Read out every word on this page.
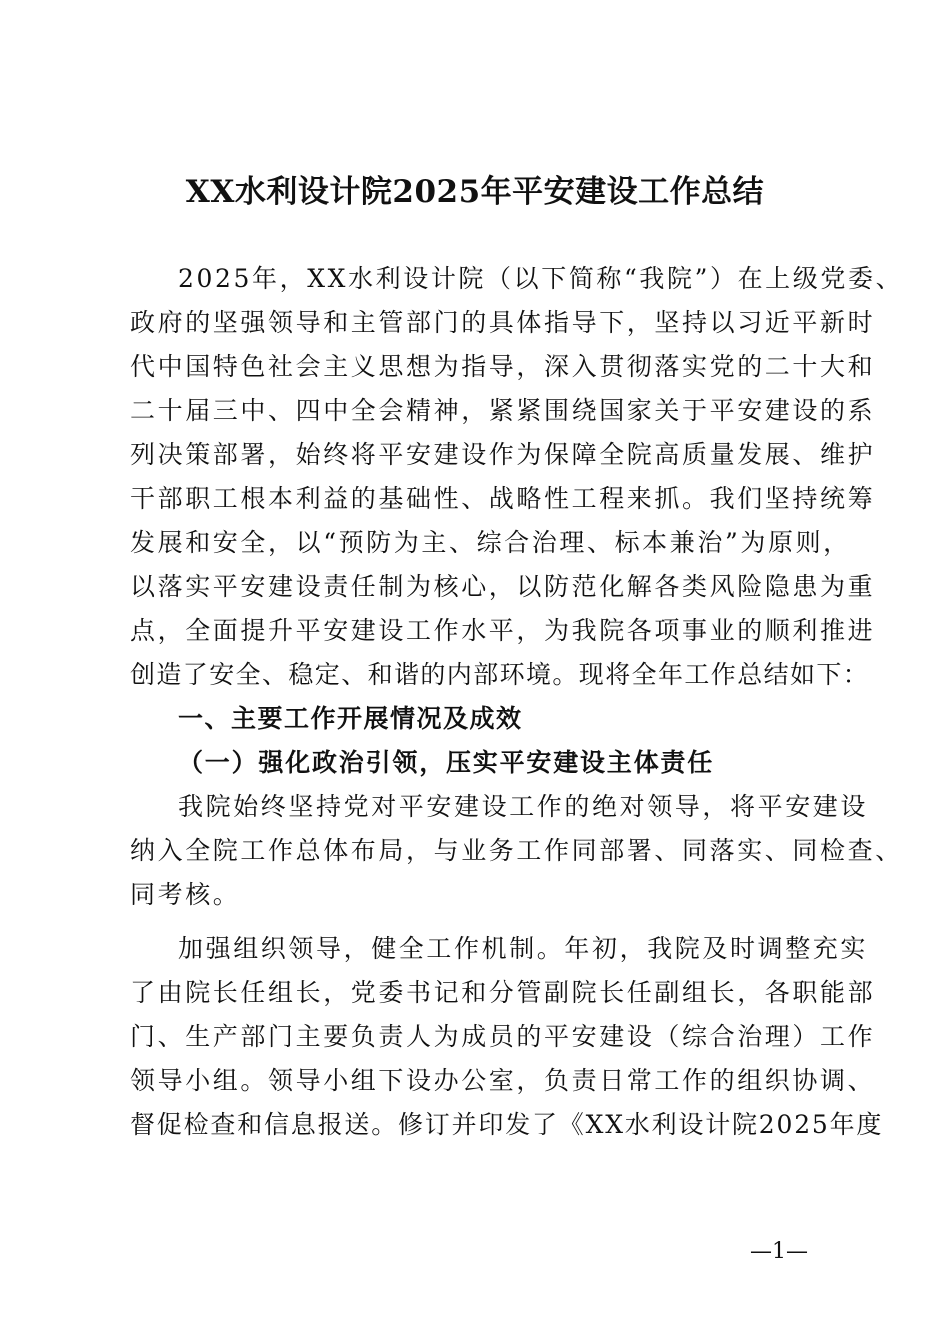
XX水利设计院2025年平安建设工作总结
2025年，XX水利设计院（以下简称“我院”）在上级党委、
政府的坚强领导和主管部门的具体指导下，坚持以习近平新时
代中国特色社会主义思想为指导，深入贯彻落实党的二十大和
二十届三中、四中全会精神，紧紧围绕国家关于平安建设的系
列决策部署，始终将平安建设作为保障全院高质量发展、维护
干部职工根本利益的基础性、战略性工程来抓。我们坚持统筹
发展和安全，以“预防为主、综合治理、标本兼治”为原则，
以落实平安建设责任制为核心，以防范化解各类风险隐患为重
点，全面提升平安建设工作水平，为我院各项事业的顺利推进
创造了安全、稳定、和谐的内部环境。现将全年工作总结如下：
一、主要工作开展情况及成效
（一）强化政治引领，压实平安建设主体责任
我院始终坚持党对平安建设工作的绝对领导，将平安建设
纳入全院工作总体布局，与业务工作同部署、同落实、同检查、
同考核。
加强组织领导，健全工作机制。年初，我院及时调整充实
了由院长任组长，党委书记和分管副院长任副组长，各职能部
门、生产部门主要负责人为成员的平安建设（综合治理）工作
领导小组。领导小组下设办公室，负责日常工作的组织协调、
督促检查和信息报送。修订并印发了《XX水利设计院2025年度
—1—
